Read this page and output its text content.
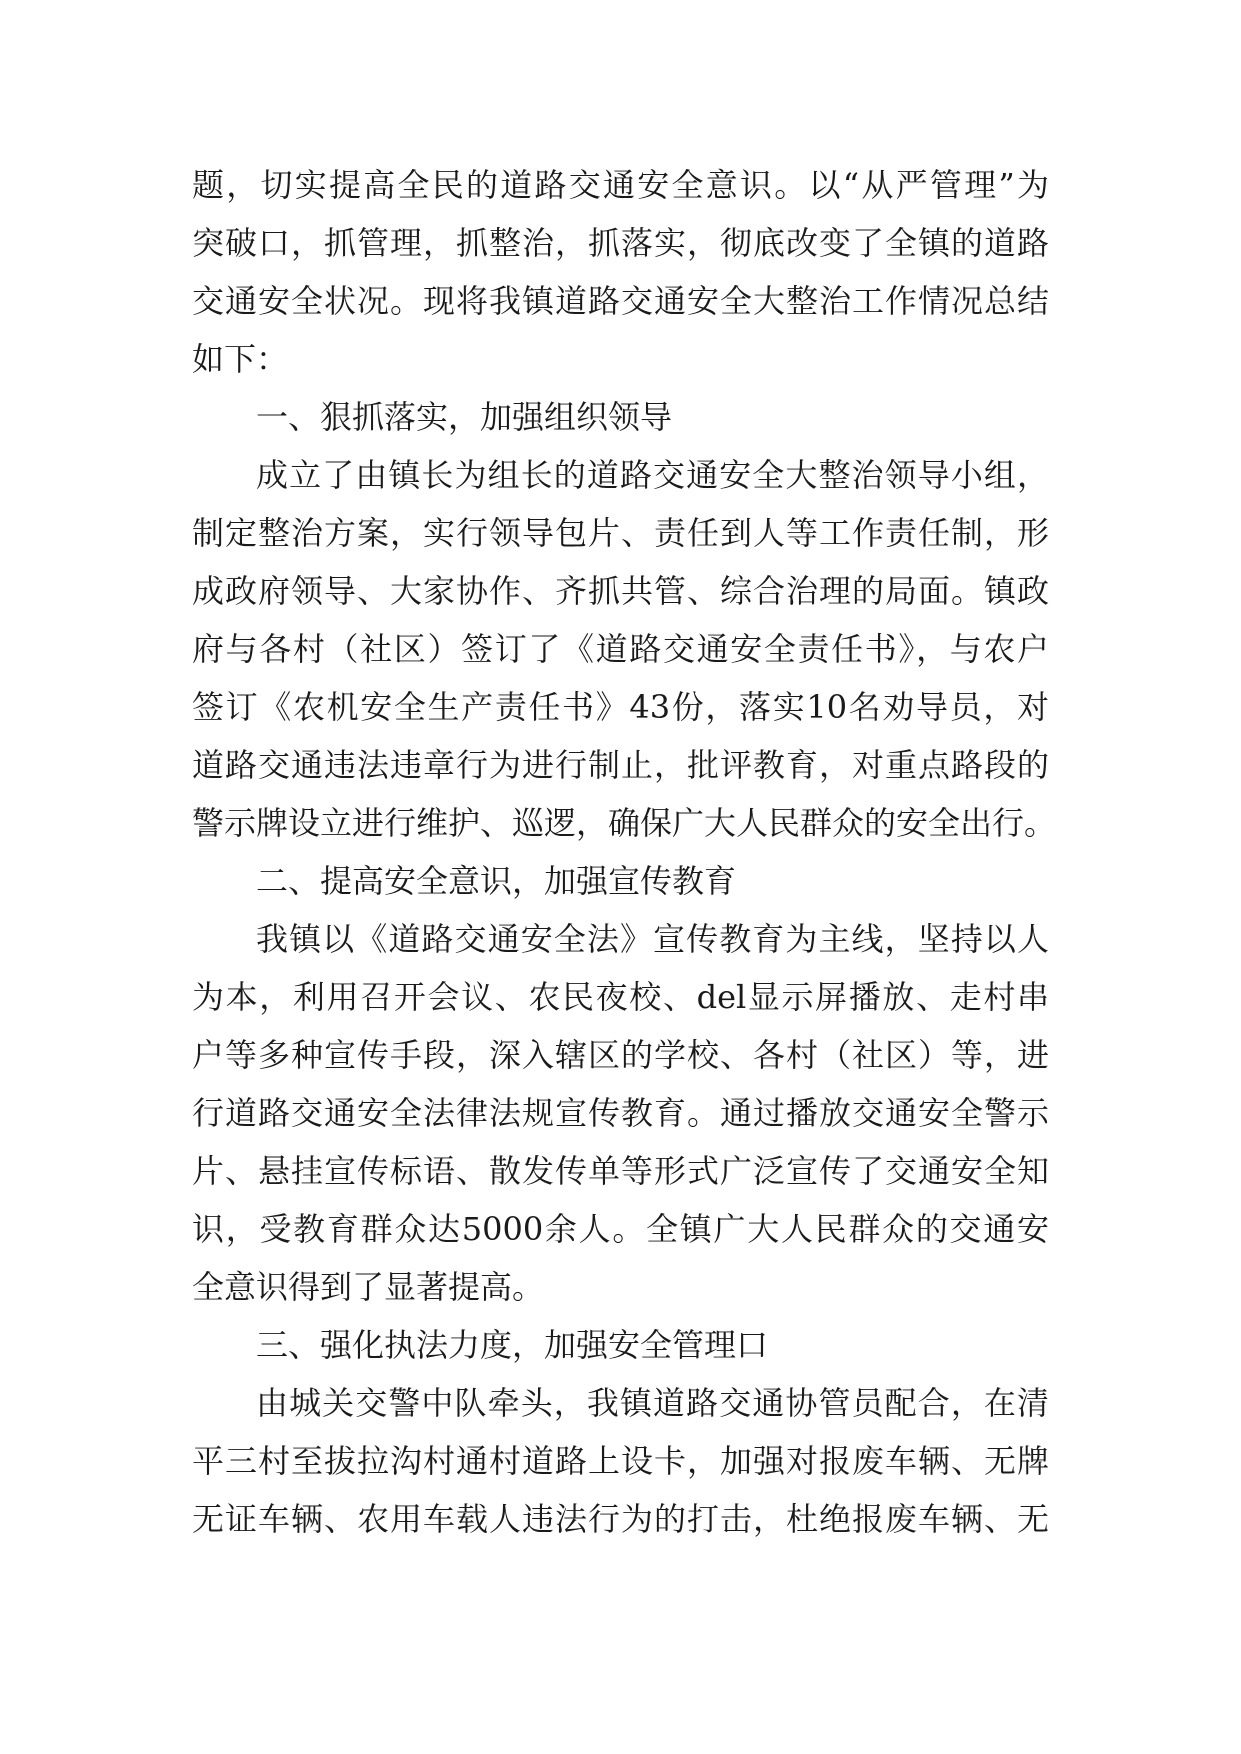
题，切实提高全民的道路交通安全意识。以“从严管理”为
突破口，抓管理，抓整治，抓落实，彻底改变了全镇的道路
交通安全状况。现将我镇道路交通安全大整治工作情况总结
如下：
一、狠抓落实，加强组织领导
成立了由镇长为组长的道路交通安全大整治领导小组，
制定整治方案，实行领导包片、责任到人等工作责任制，形
成政府领导、大家协作、齐抓共管、综合治理的局面。镇政
府与各村（社区）签订了《道路交通安全责任书》，与农户
签订《农机安全生产责任书》43份，落实10名劝导员，对
道路交通违法违章行为进行制止，批评教育，对重点路段的
警示牌设立进行维护、巡逻，确保广大人民群众的安全出行。
二、提高安全意识，加强宣传教育
我镇以《道路交通安全法》宣传教育为主线，坚持以人
为本，利用召开会议、农民夜校、del显示屏播放、走村串
户等多种宣传手段，深入辖区的学校、各村（社区）等，进
行道路交通安全法律法规宣传教育。通过播放交通安全警示
片、悬挂宣传标语、散发传单等形式广泛宣传了交通安全知
识，受教育群众达5000余人。全镇广大人民群众的交通安
全意识得到了显著提高。
三、强化执法力度，加强安全管理口
由城关交警中队牵头，我镇道路交通协管员配合，在清
平三村至拔拉沟村通村道路上设卡，加强对报废车辆、无牌
无证车辆、农用车载人违法行为的打击，杜绝报废车辆、无
